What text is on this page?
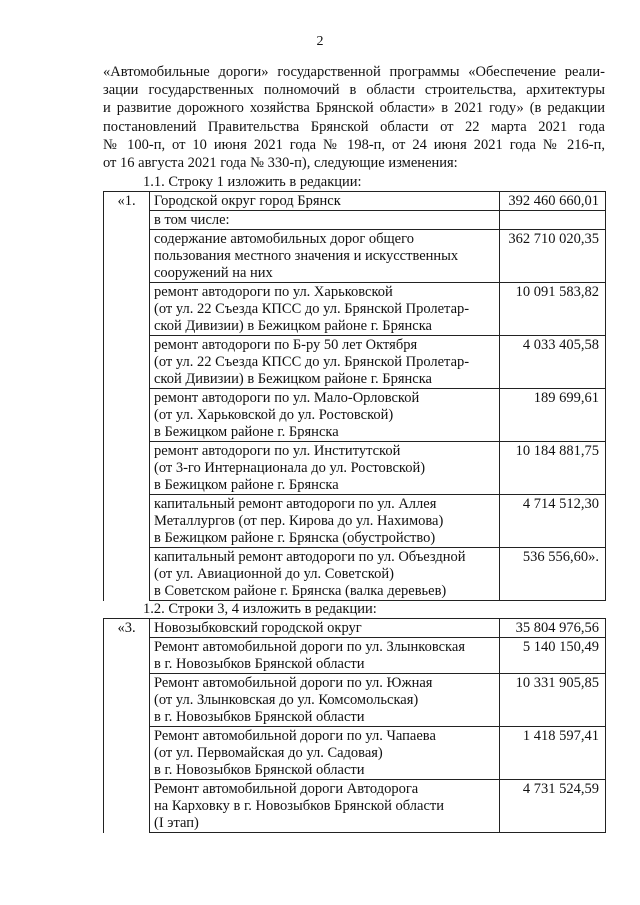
2
«Автомобильные дороги» государственной программы «Обеспечение реали-
зации государственных полномочий в области строительства, архитектуры
и развитие дорожного хозяйства Брянской области» в 2021 году» (в редакции
постановлений Правительства Брянской области от 22 марта 2021 года
№ 100-п, от 10 июня 2021 года № 198-п, от 24 июня 2021 года № 216-п,
от 16 августа 2021 года № 330-п), следующие изменения:
1.1. Строку 1 изложить в редакции:
«1.	Городской округ город Брянск	392 460 660,01

	в том числе:	

	содержание автомобильных дорог общего
пользования местного значения и искусственных
сооружений на них	362 710 020,35

	ремонт автодороги по ул. Харьковской
(от ул. 22 Съезда КПСС до ул. Брянской Пролетар-
ской Дивизии) в Бежицком районе г. Брянска	10 091 583,82

	ремонт автодороги по Б-ру 50 лет Октября
(от ул. 22 Съезда КПСС до ул. Брянской Пролетар-
ской Дивизии) в Бежицком районе г. Брянска	4 033 405,58

	ремонт автодороги по ул. Мало-Орловской
(от ул. Харьковской до ул. Ростовской)
в Бежицком районе г. Брянска	189 699,61

	ремонт автодороги по ул. Институтской
(от 3-го Интернационала до ул. Ростовской)
в Бежицком районе г. Брянска	10 184 881,75

	капитальный ремонт автодороги по ул. Аллея
Металлургов (от пер. Кирова до ул. Нахимова)
в Бежицком районе г. Брянска (обустройство)	4 714 512,30

	капитальный ремонт автодороги по ул. Объездной
(от ул. Авиационной до ул. Советской)
в Советском районе г. Брянска (валка деревьев)	536 556,60».
1.2. Строки 3, 4 изложить в редакции:
«3.	Новозыбковский городской округ	35 804 976,56

	Ремонт автомобильной дороги по ул. Злынковская
в г. Новозыбков Брянской области	5 140 150,49

	Ремонт автомобильной дороги по ул. Южная
(от ул. Злынковская до ул. Комсомольская)
в г. Новозыбков Брянской области	10 331 905,85

	Ремонт автомобильной дороги по ул. Чапаева
(от ул. Первомайская до ул. Садовая)
в г. Новозыбков Брянской области	1 418 597,41

	Ремонт автомобильной дороги Автодорога
на Карховку в г. Новозыбков Брянской области
(I этап)	4 731 524,59
